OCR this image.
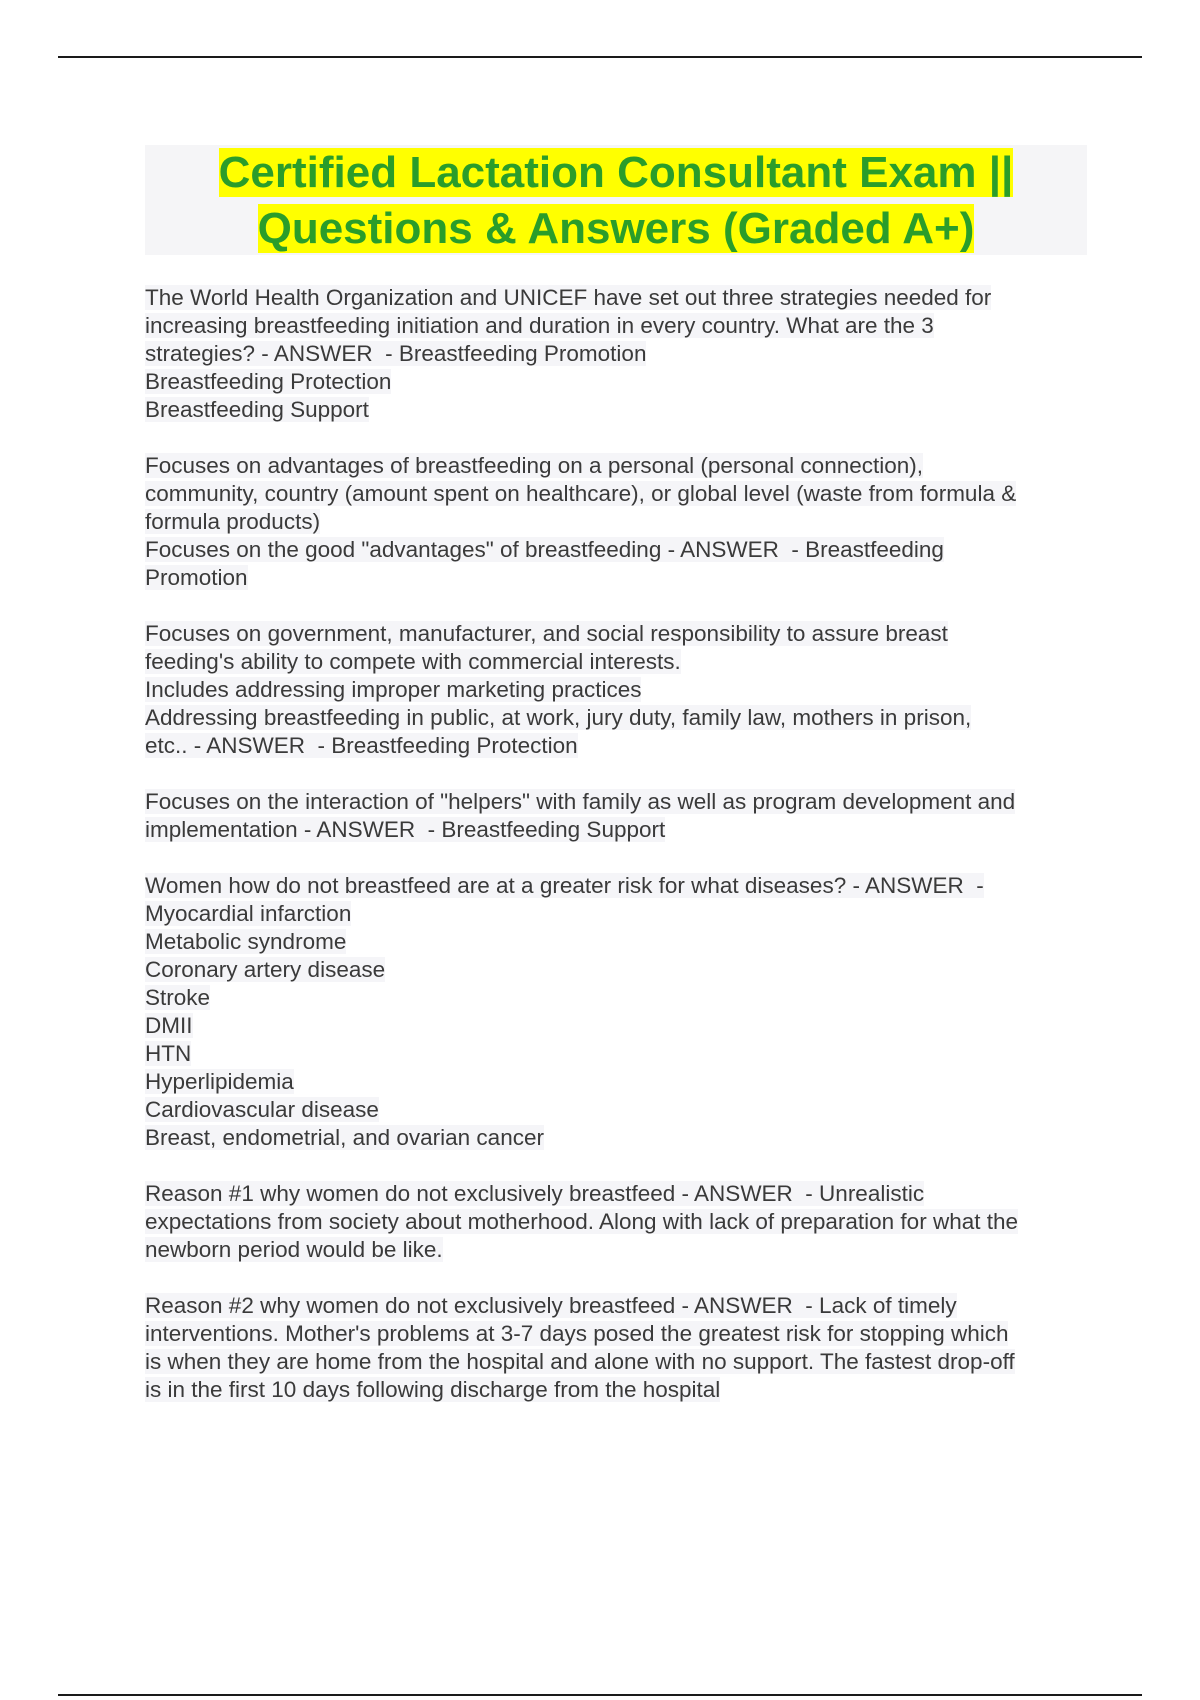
Certified Lactation Consultant Exam ||
Questions & Answers (Graded A+)
The World Health Organization and UNICEF have set out three strategies needed for
increasing breastfeeding initiation and duration in every country. What are the 3
strategies? - ANSWER  - Breastfeeding Promotion
Breastfeeding Protection
Breastfeeding Support
Focuses on advantages of breastfeeding on a personal (personal connection),
community, country (amount spent on healthcare), or global level (waste from formula &
formula products)
Focuses on the good "advantages" of breastfeeding - ANSWER  - Breastfeeding
Promotion
Focuses on government, manufacturer, and social responsibility to assure breast
feeding's ability to compete with commercial interests.
Includes addressing improper marketing practices
Addressing breastfeeding in public, at work, jury duty, family law, mothers in prison,
etc.. - ANSWER  - Breastfeeding Protection
Focuses on the interaction of "helpers" with family as well as program development and
implementation - ANSWER  - Breastfeeding Support
Women how do not breastfeed are at a greater risk for what diseases? - ANSWER  -
Myocardial infarction
Metabolic syndrome
Coronary artery disease
Stroke
DMII
HTN
Hyperlipidemia
Cardiovascular disease
Breast, endometrial, and ovarian cancer
Reason #1 why women do not exclusively breastfeed - ANSWER  - Unrealistic
expectations from society about motherhood. Along with lack of preparation for what the
newborn period would be like.
Reason #2 why women do not exclusively breastfeed - ANSWER  - Lack of timely
interventions. Mother's problems at 3-7 days posed the greatest risk for stopping which
is when they are home from the hospital and alone with no support. The fastest drop-off
is in the first 10 days following discharge from the hospital
